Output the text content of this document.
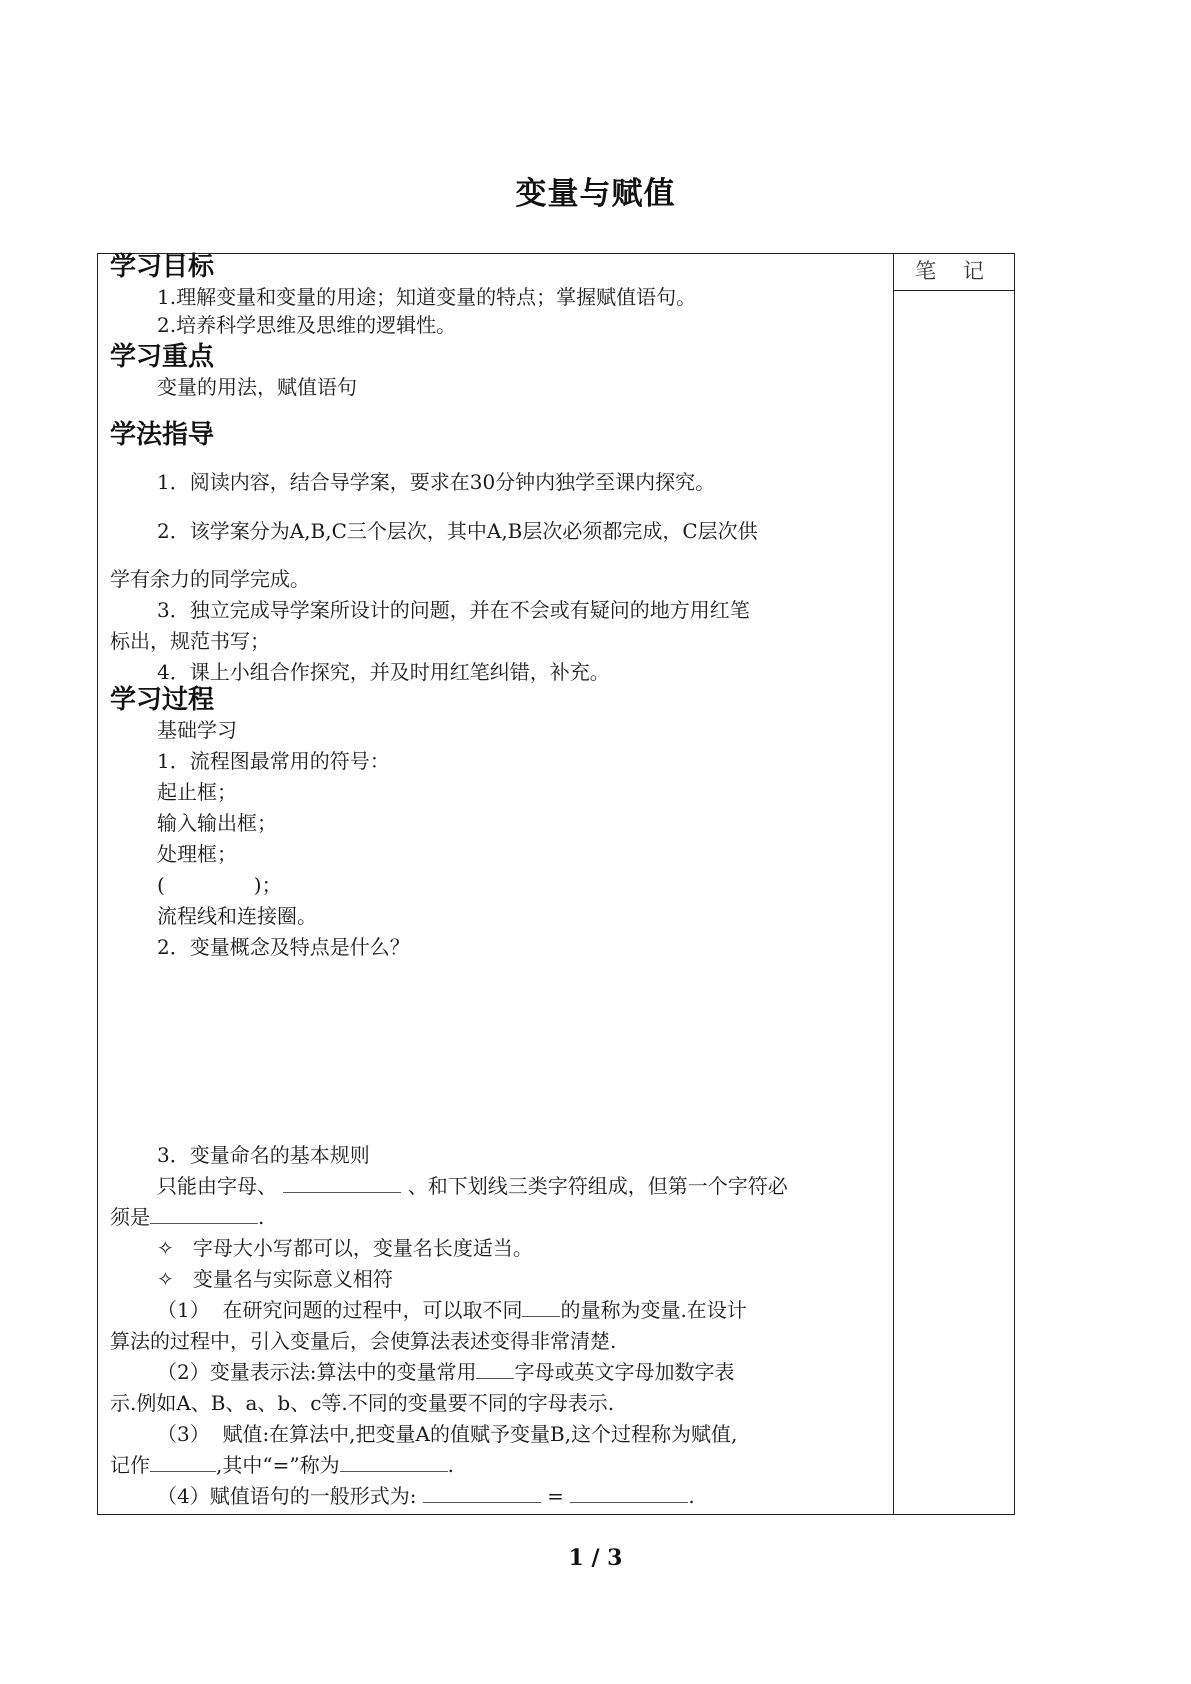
变量与赋值
笔 记
学习目标
1.理解变量和变量的用途；知道变量的特点；掌握赋值语句。
2.培养科学思维及思维的逻辑性。
学习重点
变量的用法，赋值语句
学法指导
1．阅读内容，结合导学案，要求在30分钟内独学至课内探究。
2．该学案分为A,B,C三个层次，其中A,B层次必须都完成，C层次供
学有余力的同学完成。
3．独立完成导学案所设计的问题，并在不会或有疑问的地方用红笔
标出，规范书写；
4．课上小组合作探究，并及时用红笔纠错，补充。
学习过程
基础学习
1．流程图最常用的符号：
起止框；
输入输出框；
处理框；
(              )；
流程线和连接圈。
2．变量概念及特点是什么？
3．变量命名的基本规则
只能由字母、	、和下划线三类字符组成，但第一个字符必
须是	.
✧ 字母大小写都可以，变量名长度适当。
✧ 变量名与实际意义相符
（1）  在研究问题的过程中，可以取不同 的量称为变量.在设计
算法的过程中，引入变量后，会使算法表述变得非常清楚.
（2）变量表示法:算法中的变量常用 字母或英文字母加数字表
示.例如A、B、a、b、c等.不同的变量要不同的字母表示.
（3）  赋值:在算法中,把变量A的值赋予变量B,这个过程称为赋值,
记作	,其中“=”称为	.
（4）赋值语句的一般形式为:	=	.
1 / 3
